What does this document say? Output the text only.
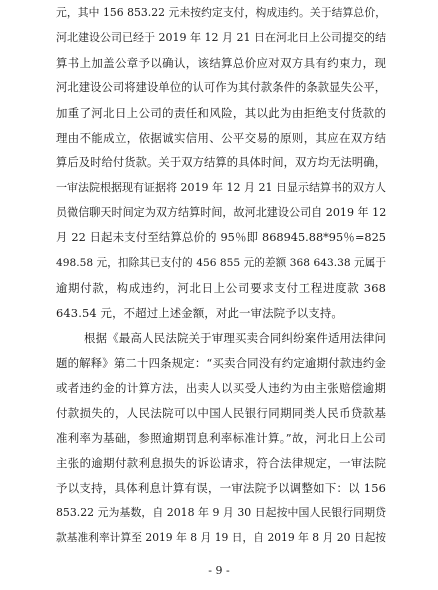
元，其中 156 853.22 元未按约定支付，构成违约。关于结算总价，
河北建设公司已经于 2019 年 12 月 21 日在河北日上公司提交的结
算书上加盖公章予以确认，该结算总价应对双方具有约束力，现
河北建设公司将建设单位的认可作为其付款条件的条款显失公平，
加重了河北日上公司的责任和风险，其以此为由拒绝支付货款的
理由不能成立，依据诚实信用、公平交易的原则，其应在双方结
算后及时给付货款。关于双方结算的具体时间，双方均无法明确，
一审法院根据现有证据将 2019 年 12 月 21 日显示结算书的双方人
员微信聊天时间定为双方结算时间，故河北建设公司自 2019 年 12
月 22 日起未支付至结算总价的 95％即 868945.88*95％=825
498.58 元，扣除其已支付的 456 855 元的差额 368 643.38 元属于
逾期付款，构成违约，河北日上公司要求支付工程进度款 368
643.54 元，不超过上述金额，对此一审法院予以支持。
根据《最高人民法院关于审理买卖合同纠纷案件适用法律问
题的解释》第二十四条规定：“买卖合同没有约定逾期付款违约金
或者违约金的计算方法，出卖人以买受人违约为由主张赔偿逾期
付款损失的，人民法院可以中国人民银行同期同类人民币贷款基
准利率为基础，参照逾期罚息利率标准计算。”故，河北日上公司
主张的逾期付款利息损失的诉讼请求，符合法律规定，一审法院
予以支持，具体利息计算有误，一审法院予以调整如下：以 156
853.22 元为基数，自 2018 年 9 月 30 日起按中国人民银行同期贷
款基准利率计算至 2019 年 8 月 19 日，自 2019 年 8 月 20 日起按
- 9 -
